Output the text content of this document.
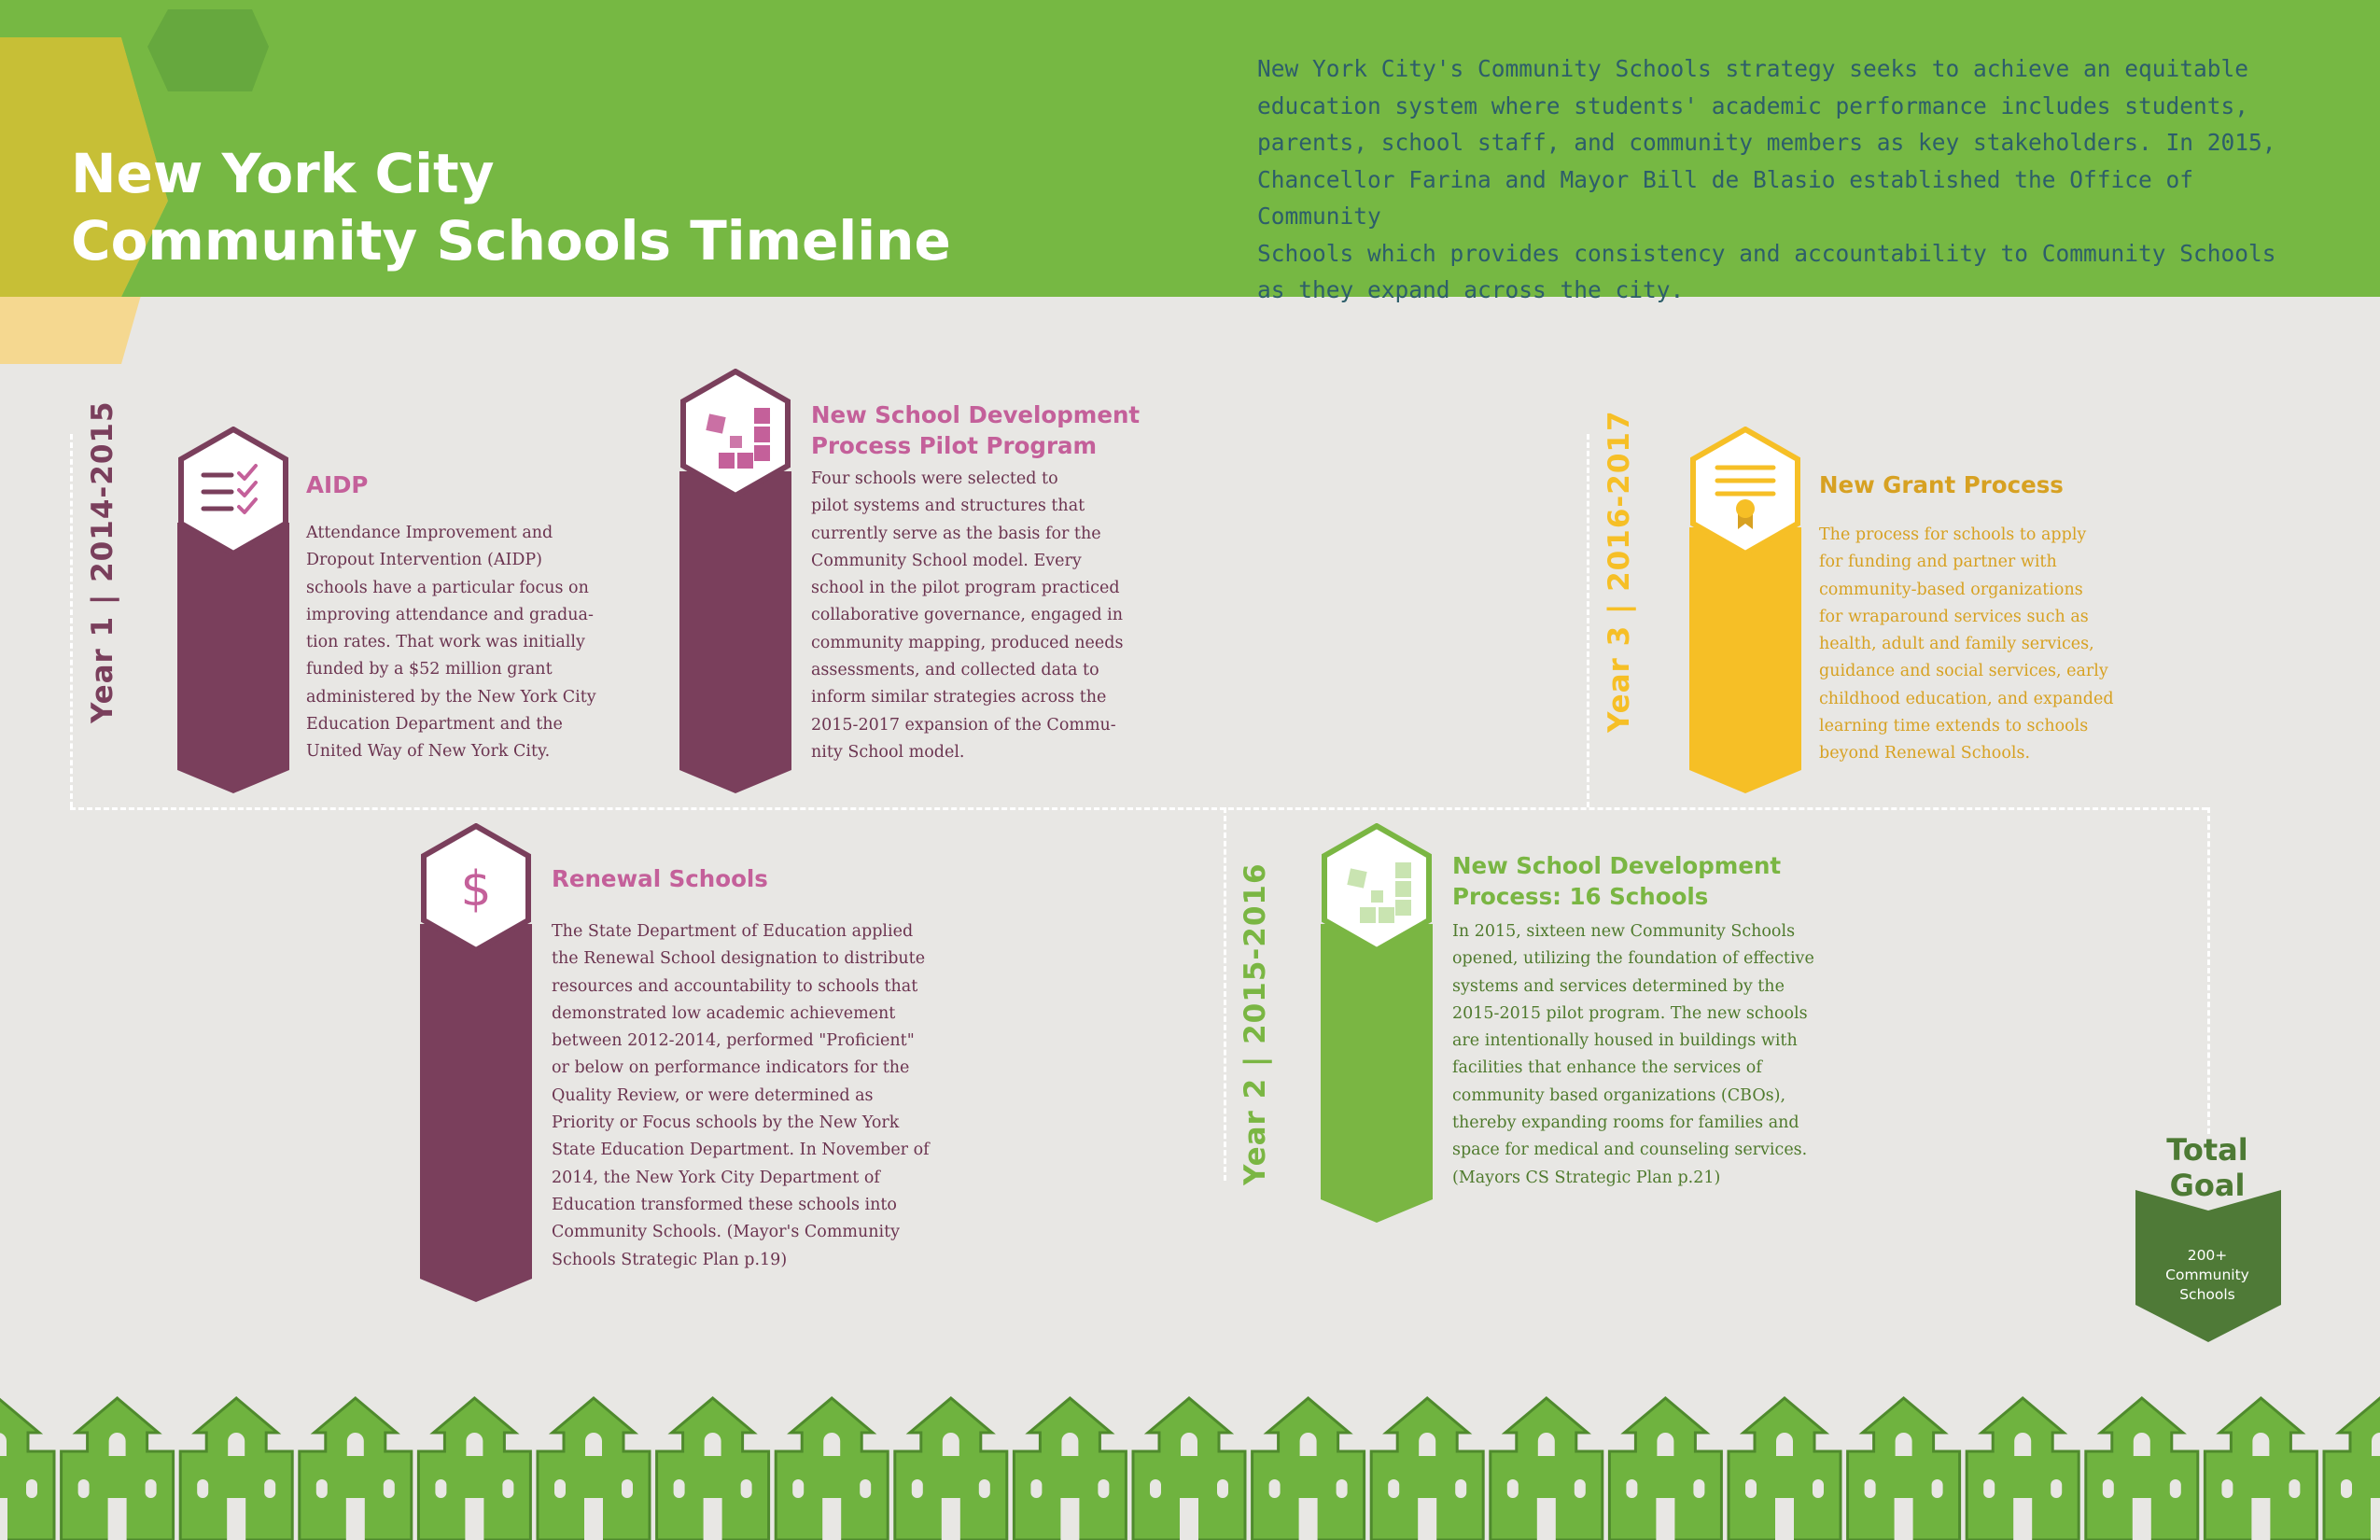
New York City
Community Schools Timeline

New York City's Community Schools strategy seeks to achieve an equitable
education system where students' academic performance includes students,
parents, school staff, and community members as key stakeholders. In 2015,
Chancellor Farina and Mayor Bill de Blasio established the Office of Community
Schools which provides consistency and accountability to Community Schools
as they expand across the city.

Year 1 | 2014-2015
Year 2 | 2015-2016
Year 3 | 2016-2017
AIDP

Attendance Improvement and
Dropout Intervention (AIDP)
schools have a particular focus on
improving attendance and gradua-
tion rates. That work was initially
funded by a $52 million grant
administered by the New York City
Education Department and the
United Way of New York City.

New School Development
Process Pilot Program

Four schools were selected to
pilot systems and structures that
currently serve as the basis for the
Community School model. Every
school in the pilot program practiced
collaborative governance, engaged in
community mapping, produced needs
assessments, and collected data to
inform similar strategies across the
2015-2017 expansion of the Commu-
nity School model.

New Grant Process

The process for schools to apply
for funding and partner with
community-based organizations
for wraparound services such as
health, adult and family services,
guidance and social services, early
childhood education, and expanded
learning time extends to schools
beyond Renewal Schools.

$	Renewal Schools

The State Department of Education applied
the Renewal School designation to distribute
resources and accountability to schools that
demonstrated low academic achievement
between 2012-2014, performed "Proficient"
or below on performance indicators for the
Quality Review, or were determined as
Priority or Focus schools by the New York
State Education Department. In November of
2014, the New York City Department of
Education transformed these schools into
Community Schools. (Mayor's Community
Schools Strategic Plan p.19)

New School Development
Process: 16 Schools

In 2015, sixteen new Community Schools
opened, utilizing the foundation of effective
systems and services determined by the
2015-2015 pilot program. The new schools
are intentionally housed in buildings with
facilities that enhance the services of
community based organizations (CBOs),
thereby expanding rooms for families and
space for medical and counseling services.
(Mayors CS Strategic Plan p.21)

Total
Goal

200+
Community
Schools
